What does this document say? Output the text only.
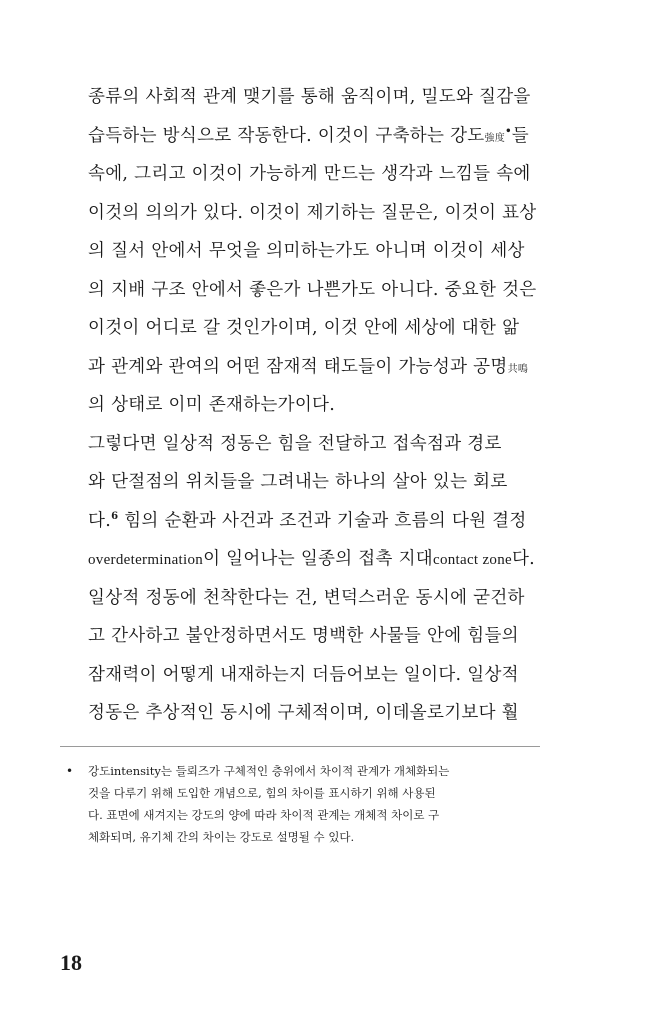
종류의 사회적 관계 맺기를 통해 움직이며, 밀도와 질감을
습득하는 방식으로 작동한다. 이것이 구축하는 강도強度•들
속에, 그리고 이것이 가능하게 만드는 생각과 느낌들 속에
이것의 의의가 있다. 이것이 제기하는 질문은, 이것이 표상
의 질서 안에서 무엇을 의미하는가도 아니며 이것이 세상
의 지배 구조 안에서 좋은가 나쁜가도 아니다. 중요한 것은
이것이 어디로 갈 것인가이며, 이것 안에 세상에 대한 앎
과 관계와 관여의 어떤 잠재적 태도들이 가능성과 공명共鳴
의 상태로 이미 존재하는가이다.
그렇다면 일상적 정동은 힘을 전달하고 접속점과 경로
와 단절점의 위치들을 그려내는 하나의 살아 있는 회로
다.$^6$ 힘의 순환과 사건과 조건과 기술과 흐름의 다원 결정
overdetermination이 일어나는 일종의 접촉 지대contact zone다.
일상적 정동에 천착한다는 건, 변덕스러운 동시에 굳건하
고 간사하고 불안정하면서도 명백한 사물들 안에 힘들의
잠재력이 어떻게 내재하는지 더듬어보는 일이다. 일상적
정동은 추상적인 동시에 구체적이며, 이데올로기보다 훨
•	강도intensity는 들뢰즈가 구체적인 층위에서 차이적 관계가 개체화되는
것을 다루기 위해 도입한 개념으로, 힘의 차이를 표시하기 위해 사용된
다. 표면에 새겨지는 강도의 양에 따라 차이적 관계는 개체적 차이로 구
체화되며, 유기체 간의 차이는 강도로 설명될 수 있다.
18
